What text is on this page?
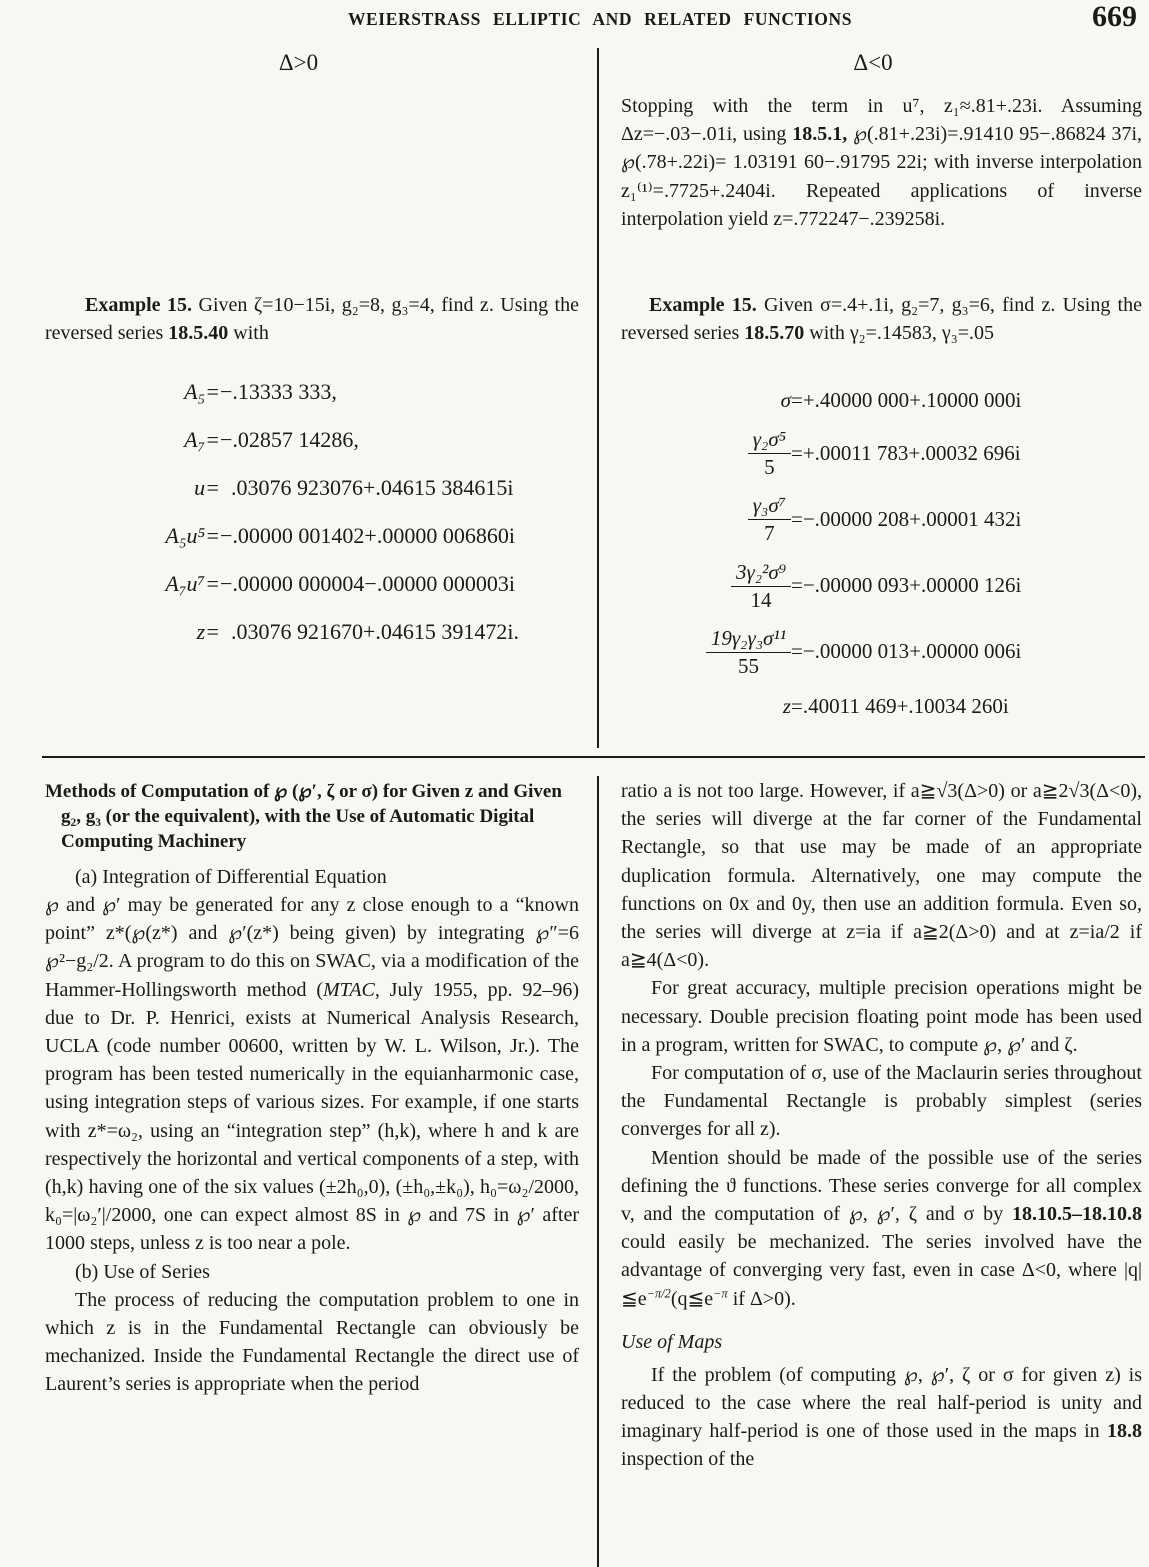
WEIERSTRASS ELLIPTIC AND RELATED FUNCTIONS	669
Δ>0	Δ<0
Stopping with the term in u⁷, z₁≈.81+.23i. Assuming Δz=−.03−.01i, using 18.5.1, ℘(.81+.23i)=.91410 95−.86824 37i, ℘(.78+.22i)= 1.03191 60−.91795 22i; with inverse interpolation z₁⁽¹⁾=.7725+.2404i. Repeated applications of inverse interpolation yield z=.772247−.239258i.
Example 15. Given ζ=10−15i, g₂=8, g₃=4, find z. Using the reversed series 18.5.40 with
A₅= −.13333 333,
A₇= −.02857 14286,
u= .03076 923076+.04615 384615i
A₅u⁵= −.00000 001402+.00000 006860i
A₇u⁷= −.00000 000004−.00000 000003i
z= .03076 921670+.04615 391472i.
Example 15. Given σ=.4+.1i, g₂=7, g₃=6, find z. Using the reversed series 18.5.70 with γ₂=.14583, γ₃=.05
σ =+.40000 000+.10000 000i
$\frac{\text{γ₂σ⁵}}{5} =+.00011$ 783+.00032 696i
$\frac{\text{γ₃σ⁷}}{7} =-.00000$ 208+.00001 432i
$\frac{\text{3γ₂²σ⁹}}{14} =-.00000$ 093+.00000 126i
$\frac{\text{19γ₂γ₃σ¹¹}}{55} =-.00000$ 013+.00000 006i
z =.40011 469+.10034 260i
Methods of Computation of ℘ (℘′, ζ or σ) for Given z and Given g₂, g₃ (or the equivalent), with the Use of Automatic Digital Computing Machinery
(a) Integration of Differential Equation
℘ and ℘′ may be generated for any z close enough to a “known point” z*(℘(z*) and ℘′(z*) being given) by integrating ℘″=6 ℘²−g₂/2. A program to do this on SWAC, via a modification of the Hammer-Hollingsworth method (MTAC, July 1955, pp. 92–96) due to Dr. P. Henrici, exists at Numerical Analysis Research, UCLA (code number 00600, written by W. L. Wilson, Jr.). The program has been tested numerically in the equianharmonic case, using integration steps of various sizes. For example, if one starts with z*=ω₂, using an “integration step” (h,k), where h and k are respectively the horizontal and vertical components of a step, with (h,k) having one of the six values (±2h₀,0), (±h₀,±k₀), h₀=ω₂/2000, k₀=|ω₂′|/2000, one can expect almost 8S in ℘ and 7S in ℘′ after 1000 steps, unless z is too near a pole.
(b) Use of Series
The process of reducing the computation problem to one in which z is in the Fundamental Rectangle can obviously be mechanized. Inside the Fundamental Rectangle the direct use of Laurent’s series is appropriate when the period
ratio a is not too large. However, if a≧√3(Δ>0) or a≧2√3(Δ<0), the series will diverge at the far corner of the Fundamental Rectangle, so that use may be made of an appropriate duplication formula. Alternatively, one may compute the functions on 0x and 0y, then use an addition formula. Even so, the series will diverge at z=ia if a≧2(Δ>0) and at z=ia/2 if a≧4(Δ<0).
For great accuracy, multiple precision operations might be necessary. Double precision floating point mode has been used in a program, written for SWAC, to compute ℘, ℘′ and ζ.
For computation of σ, use of the Maclaurin series throughout the Fundamental Rectangle is probably simplest (series converges for all z).
Mention should be made of the possible use of the series defining the ϑ functions. These series converge for all complex v, and the computation of ℘, ℘′, ζ and σ by 18.10.5–18.10.8 could easily be mechanized. The series involved have the advantage of converging very fast, even in case Δ<0, where $|q|≦e^{-\pi/2}(q≦e^{-\pi}$ if Δ>0).
Use of Maps
If the problem (of computing ℘, ℘′, ζ or σ for given z) is reduced to the case where the real half-period is unity and imaginary half-period is one of those used in the maps in 18.8 inspection of the
